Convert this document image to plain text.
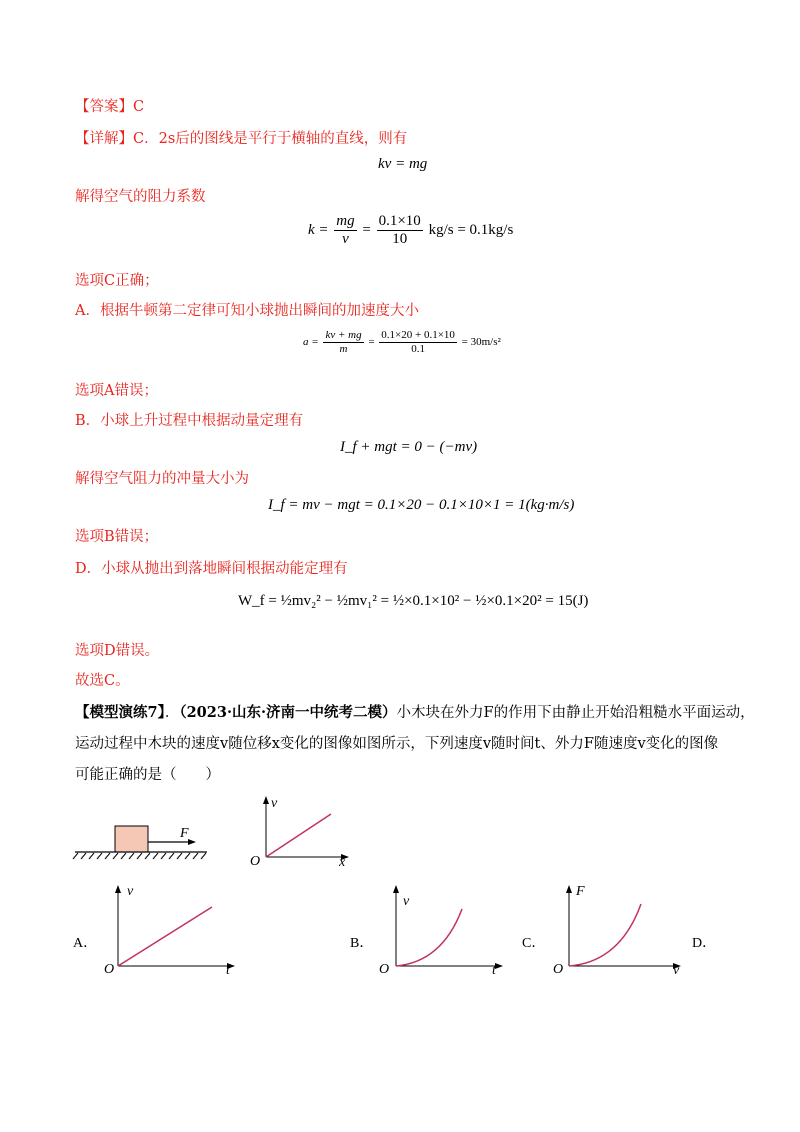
【答案】C
【详解】C．2s后的图线是平行于横轴的直线，则有
kv = mg
解得空气的阻力系数
$k = \frac{mg}{v} = \frac{0.1\times 10}{10} kg/s = 0.1kg/s$
选项C正确；
A．根据牛顿第二定律可知小球抛出瞬间的加速度大小
$a = \frac{kv + mg}{m} = \frac{0.1\times 20 + 0.1\times 10}{0.1} = 30m/s^2$
选项A错误；
B．小球上升过程中根据动量定理有
I_f + mgt = 0 − (−mv)
解得空气阻力的冲量大小为
I_f = mv − mgt = 0.1×20 − 0.1×10×1 = 1(kg·m/s)
选项B错误；
D．小球从抛出到落地瞬间根据动能定理有
W_f = ½mv₂² − ½mv₁² = ½×0.1×10² − ½×0.1×20² = 15(J)
选项D错误。
故选C。
【模型演练7】．（2023·山东·济南一中统考二模）小木块在外力F的作用下由静止开始沿粗糙水平面运动，
运动过程中木块的速度v随位移x变化的图像如图所示，下列速度v随时间t、外力F随速度v变化的图像
可能正确的是（　　）
F
v
x
O
A．
v
t
O
B．
v
t
O
C．
F
v
O
D．
